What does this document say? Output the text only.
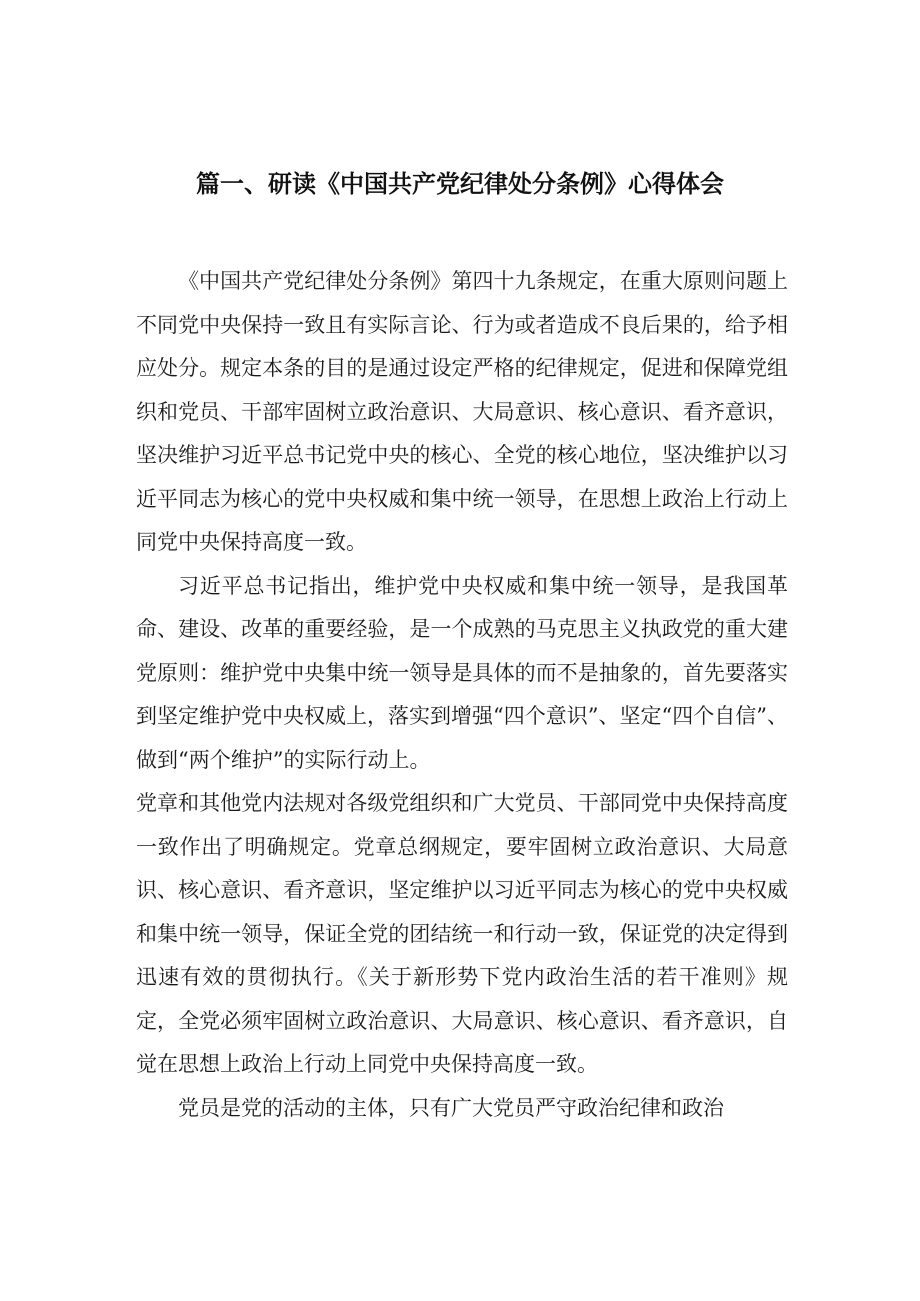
篇一、研读《中国共产党纪律处分条例》心得体会

《中国共产党纪律处分条例》第四十九条规定，在重大原则问题上不同党中央保持一致且有实际言论、行为或者造成不良后果的，给予相应处分。规定本条的目的是通过设定严格的纪律规定，促进和保障党组织和党员、干部牢固树立政治意识、大局意识、核心意识、看齐意识，坚决维护习近平总书记党中央的核心、全党的核心地位，坚决维护以习近平同志为核心的党中央权威和集中统一领导，在思想上政治上行动上同党中央保持高度一致。

习近平总书记指出，维护党中央权威和集中统一领导，是我国革命、建设、改革的重要经验，是一个成熟的马克思主义执政党的重大建党原则：维护党中央集中统一领导是具体的而不是抽象的，首先要落实到坚定维护党中央权威上，落实到增强“四个意识”、坚定“四个自信”、做到“两个维护”的实际行动上。

党章和其他党内法规对各级党组织和广大党员、干部同党中央保持高度一致作出了明确规定。党章总纲规定，要牢固树立政治意识、大局意识、核心意识、看齐意识，坚定维护以习近平同志为核心的党中央权威和集中统一领导，保证全党的团结统一和行动一致，保证党的决定得到迅速有效的贯彻执行。《关于新形势下党内政治生活的若干准则》规定，全党必须牢固树立政治意识、大局意识、核心意识、看齐意识，自觉在思想上政治上行动上同党中央保持高度一致。

党员是党的活动的主体，只有广大党员严守政治纪律和政治
